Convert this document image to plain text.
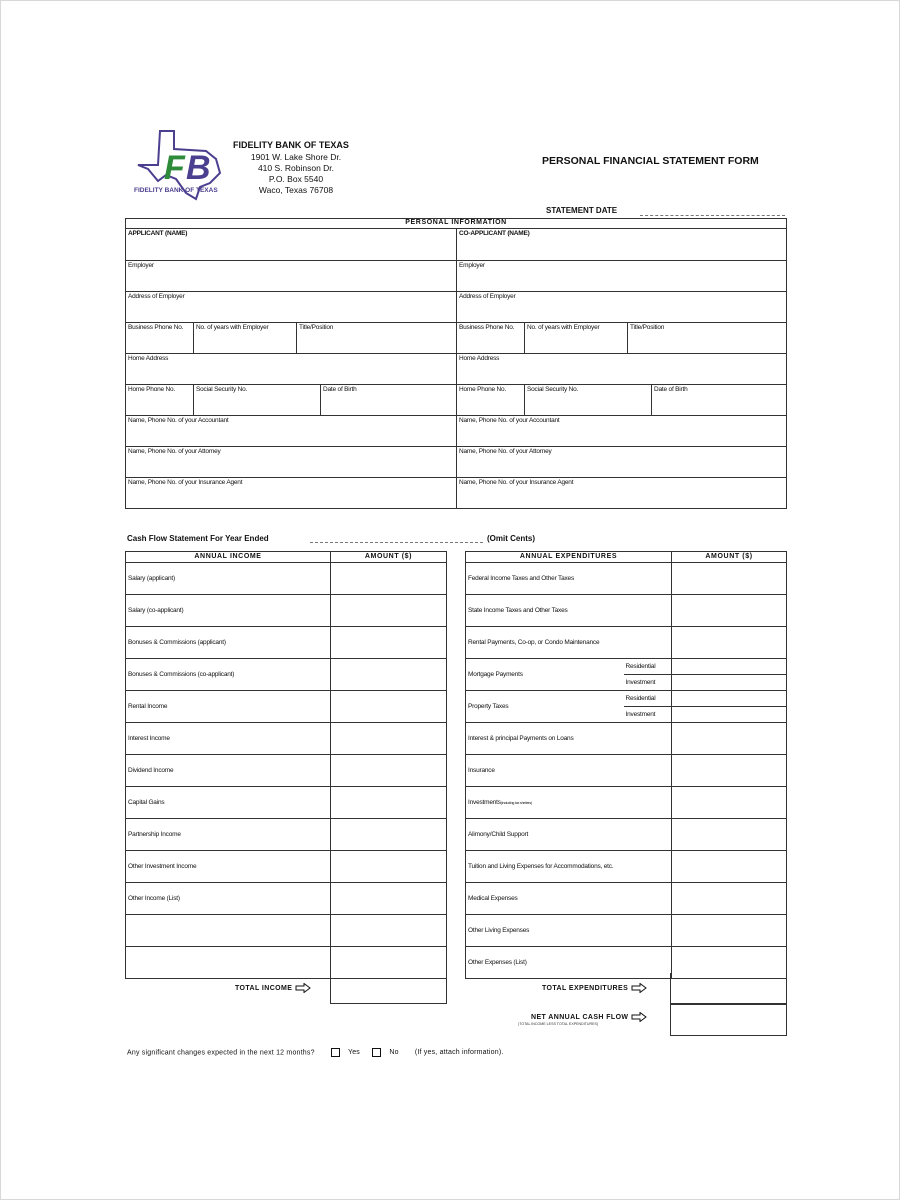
F B
FIDELITY BANK OF TEXAS
FIDELITY BANK OF TEXAS
1901 W. Lake Shore Dr.
410 S. Robinson Dr.
P.O. Box 5540
Waco, Texas 76708
PERSONAL FINANCIAL STATEMENT FORM
STATEMENT DATE
PERSONAL INFORMATION							
APPLICANT (NAME)				CO-APPLICANT (NAME)			
Employer				Employer			
Address of Employer				Address of Employer			
Business Phone No.	No. of years with Employer	Title/Position		Business Phone No.	No. of years with Employer	Title/Position	
Home Address				Home Address			
Home Phone No.	Social Security No.		Date of Birth	Home Phone No.	Social Security No.		Date of Birth
Name, Phone No. of your Accountant				Name, Phone No. of your Accountant			
Name, Phone No. of your Attorney				Name, Phone No. of your Attorney			
Name, Phone No. of your Insurance Agent				Name, Phone No. of your Insurance Agent			
Cash Flow Statement For Year Ended	(Omit Cents)
ANNUAL INCOME	AMOUNT ($)
Salary (applicant)	
Salary (co-applicant)	
Bonuses & Commissions (applicant)	
Bonuses & Commissions (co-applicant)	
Rental Income	
Interest Income	
Dividend Income	
Capital Gains	
Partnership Income	
Other Investment Income	
Other Income (List)	

TOTAL INCOME
ANNUAL EXPENDITURES		AMOUNT ($)
Federal Income Taxes and Other Taxes		
State Income Taxes and Other Taxes		
Rental Payments, Co-op, or Condo Maintenance		
Mortgage Payments	Residential	
	Investment	
Property Taxes	Residential	
	Investment	
Interest & principal Payments on Loans		
Insurance		
Investments(including tax shelters)		
Alimony/Child Support		
Tuition and Living Expenses for Accommodations, etc.		
Medical Expenses		
Other Living Expenses		
Other Expenses (List)		
TOTAL EXPENDITURES
NET ANNUAL CASH FLOW
(TOTAL INCOME LESS TOTAL EXPENDITURES)
Any significant changes expected in the next 12 months?	Yes	No (If yes, attach information).
